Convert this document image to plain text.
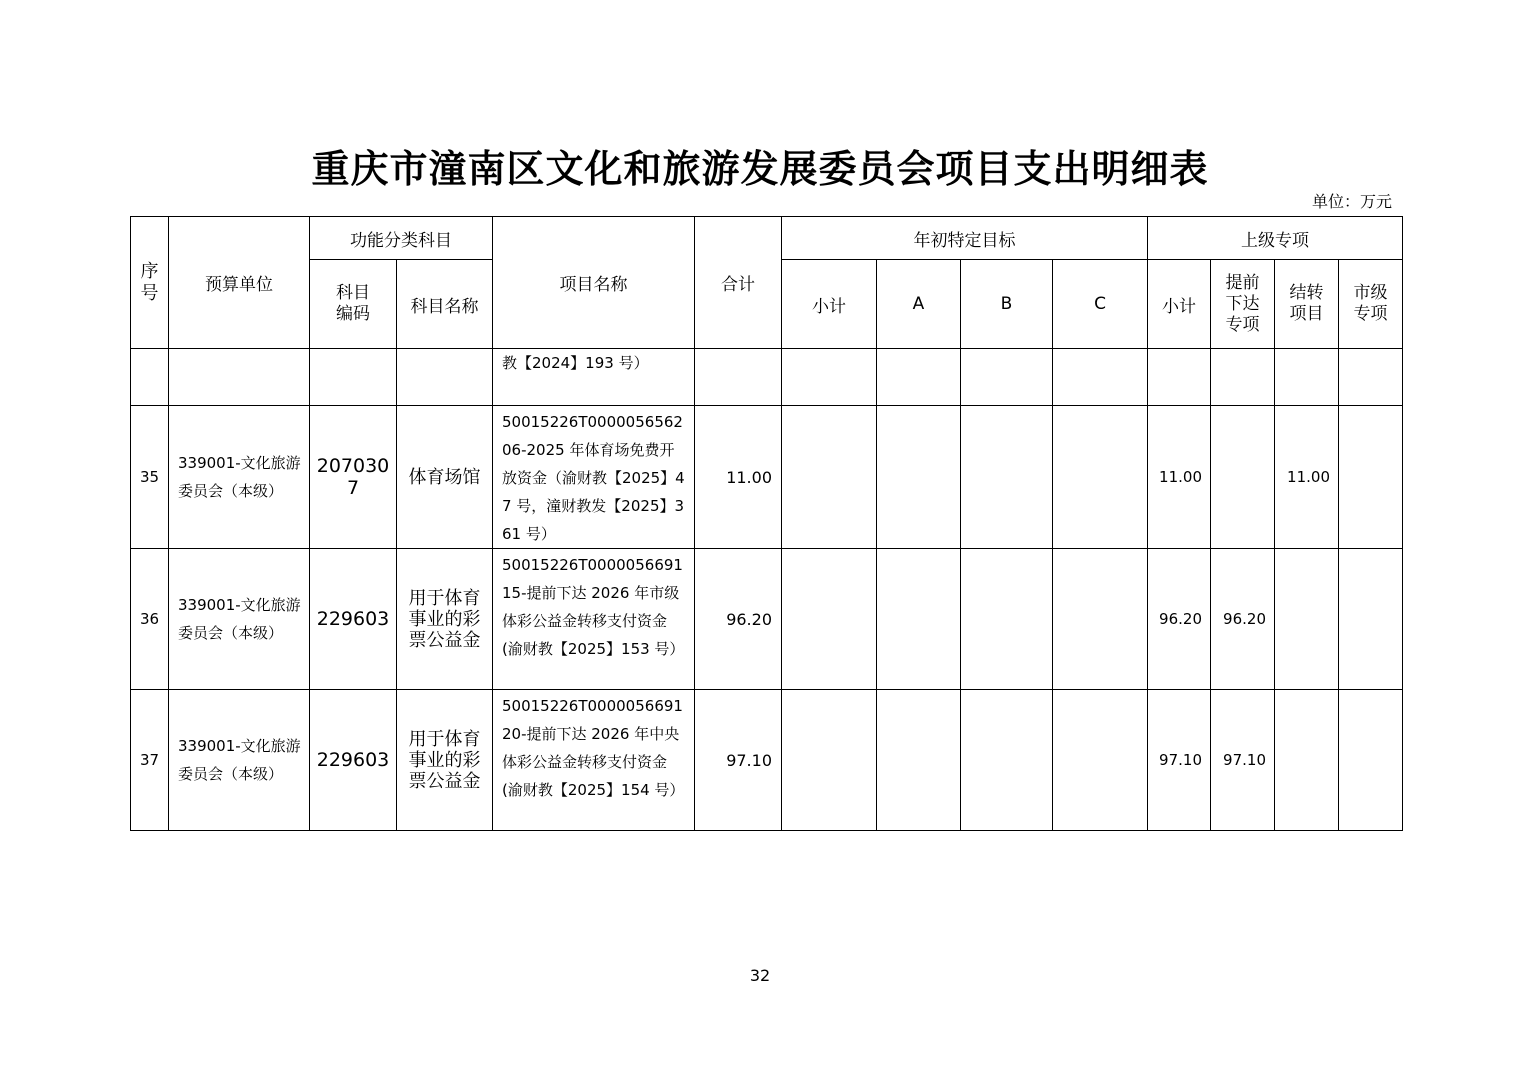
重庆市潼南区文化和旅游发展委员会项目支出明细表
单位：万元
序号	预算单位	功能分类科目		项目名称	合计	年初特定目标				上级专项			
		科目编码	科目名称			小计	A	B	C	小计	提前下达专项	结转项目	市级专项
				教【2024】193 号）									
35	339001-文化旅游委员会（本级）	2070307	体育场馆	50015226T000005656206-2025 年体育场免费开放资金（渝财教【2025】47 号，潼财教发【2025】361 号）	11.00					11.00		11.00	
36	339001-文化旅游委员会（本级）	229603	用于体育事业的彩票公益金	50015226T000005669115-提前下达 2026 年市级体彩公益金转移支付资金(渝财教【2025】153 号）	96.20					96.20	96.20		
37	339001-文化旅游委员会（本级）	229603	用于体育事业的彩票公益金	50015226T000005669120-提前下达 2026 年中央体彩公益金转移支付资金(渝财教【2025】154 号）	97.10					97.10	97.10		
32
